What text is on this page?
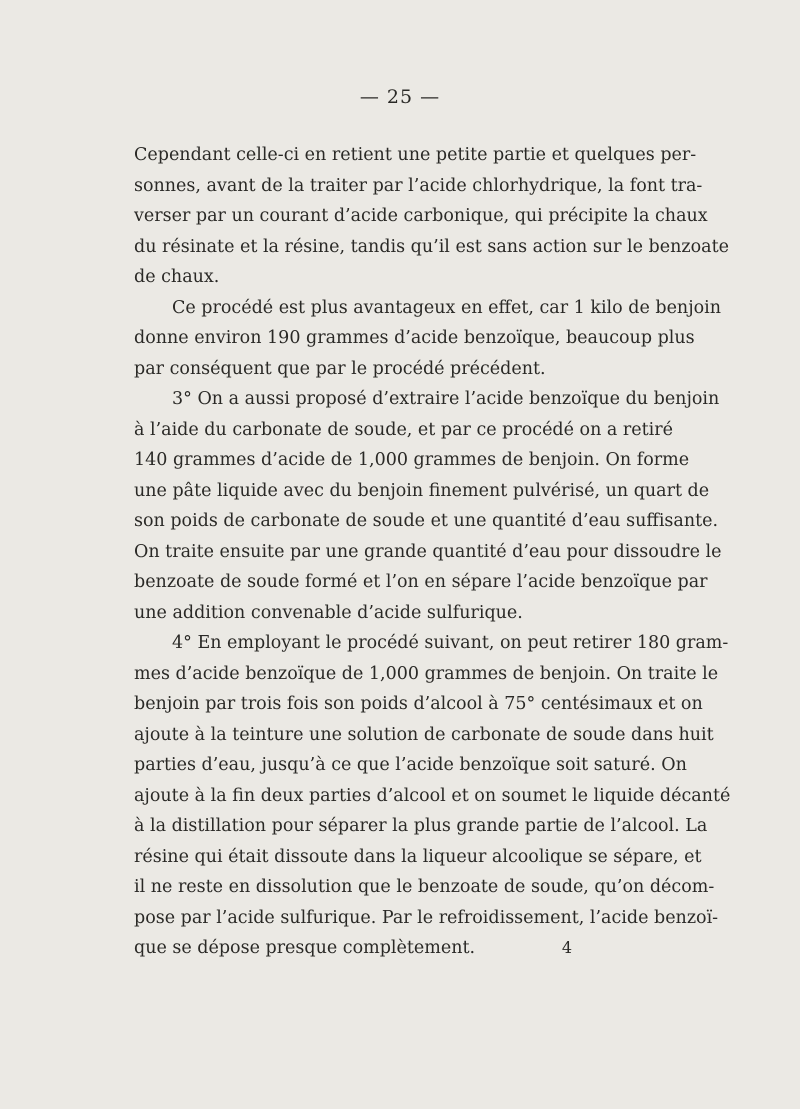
— 25 —
Cependant celle-ci en retient une petite partie et quelques per-
sonnes, avant de la traiter par l’acide chlorhydrique, la font tra-
verser par un courant d’acide carbonique, qui précipite la chaux
du résinate et la résine, tandis qu’il est sans action sur le benzoate
de chaux.
Ce procédé est plus avantageux en effet, car 1 kilo de benjoin
donne environ 190 grammes d’acide benzoïque, beaucoup plus
par conséquent que par le procédé précédent.
3° On a aussi proposé d’extraire l’acide benzoïque du benjoin
à l’aide du carbonate de soude, et par ce procédé on a retiré
140 grammes d’acide de 1,000 grammes de benjoin. On forme
une pâte liquide avec du benjoin finement pulvérisé, un quart de
son poids de carbonate de soude et une quantité d’eau suffisante.
On traite ensuite par une grande quantité d’eau pour dissoudre le
benzoate de soude formé et l’on en sépare l’acide benzoïque par
une addition convenable d’acide sulfurique.
4° En employant le procédé suivant, on peut retirer 180 gram-
mes d’acide benzoïque de 1,000 grammes de benjoin. On traite le
benjoin par trois fois son poids d’alcool à 75° centésimaux et on
ajoute à la teinture une solution de carbonate de soude dans huit
parties d’eau, jusqu’à ce que l’acide benzoïque soit saturé. On
ajoute à la fin deux parties d’alcool et on soumet le liquide décanté
à la distillation pour séparer la plus grande partie de l’alcool. La
résine qui était dissoute dans la liqueur alcoolique se sépare, et
il ne reste en dissolution que le benzoate de soude, qu’on décom-
pose par l’acide sulfurique. Par le refroidissement, l’acide benzoï-
que se dépose presque complètement.	4
